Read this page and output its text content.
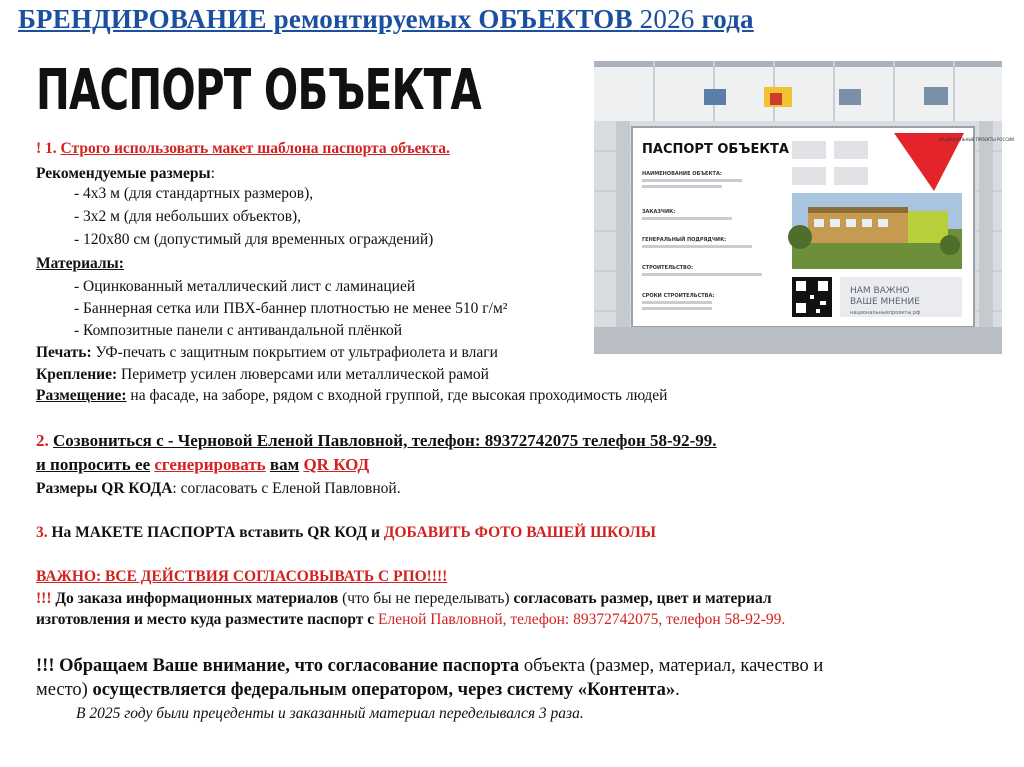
БРЕНДИРОВАНИЕ ремонтируемых ОБЪЕКТОВ 2026 года
ПАСПОРТ ОБЪЕКТА
ПАСПОРТ ОБЪЕКТА
НАЦИОНАЛЬНЫЕ ПРОЕКТЫ РОССИИ
НАИМЕНОВАНИЕ ОБЪЕКТА:
ЗАКАЗЧИК:
ГЕНЕРАЛЬНЫЙ ПОДРЯДЧИК:
СТРОИТЕЛЬСТВО:
СРОКИ СТРОИТЕЛЬСТВА:	НАМ ВАЖНО
ВАШЕ МНЕНИЕ
национальныепроекты.рф
! 1. Строго использовать макет шаблона паспорта объекта.
Рекомендуемые размеры:
- 4х3 м (для стандартных размеров),
- 3х2 м (для небольших объектов),
- 120х80 см (допустимый для временных ограждений)
Материалы:
- Оцинкованный металлический лист с ламинацией
- Баннерная сетка или ПВХ-баннер плотностью не менее 510 г/м²
- Композитные панели с антивандальной плёнкой
Печать: УФ-печать с защитным покрытием от ультрафиолета и влаги
Крепление: Периметр усилен люверсами или металлической рамой
Размещение: на фасаде, на заборе, рядом с входной группой, где высокая проходимость людей
2. Созвониться с - Черновой Еленой Павловной, телефон: 89372742075 телефон 58-92-99.
и попросить ее сгенерировать вам QR КОД
Размеры QR КОДА: согласовать с Еленой Павловной.
3. На МАКЕТЕ ПАСПОРТА вставить QR КОД и ДОБАВИТЬ ФОТО ВАШЕЙ ШКОЛЫ
ВАЖНО: ВСЕ ДЕЙСТВИЯ СОГЛАСОВЫВАТЬ С РПО!!!!
!!! До заказа информационных материалов (что бы не переделывать) согласовать размер, цвет и материал
изготовления и место куда разместите паспорт с Еленой Павловной, телефон: 89372742075, телефон 58-92-99.
!!! Обращаем Ваше внимание, что согласование паспорта объекта (размер, материал, качество и
место) осуществляется федеральным оператором, через систему «Контента».
В 2025 году были прецеденты и заказанный материал переделывался 3 раза.
